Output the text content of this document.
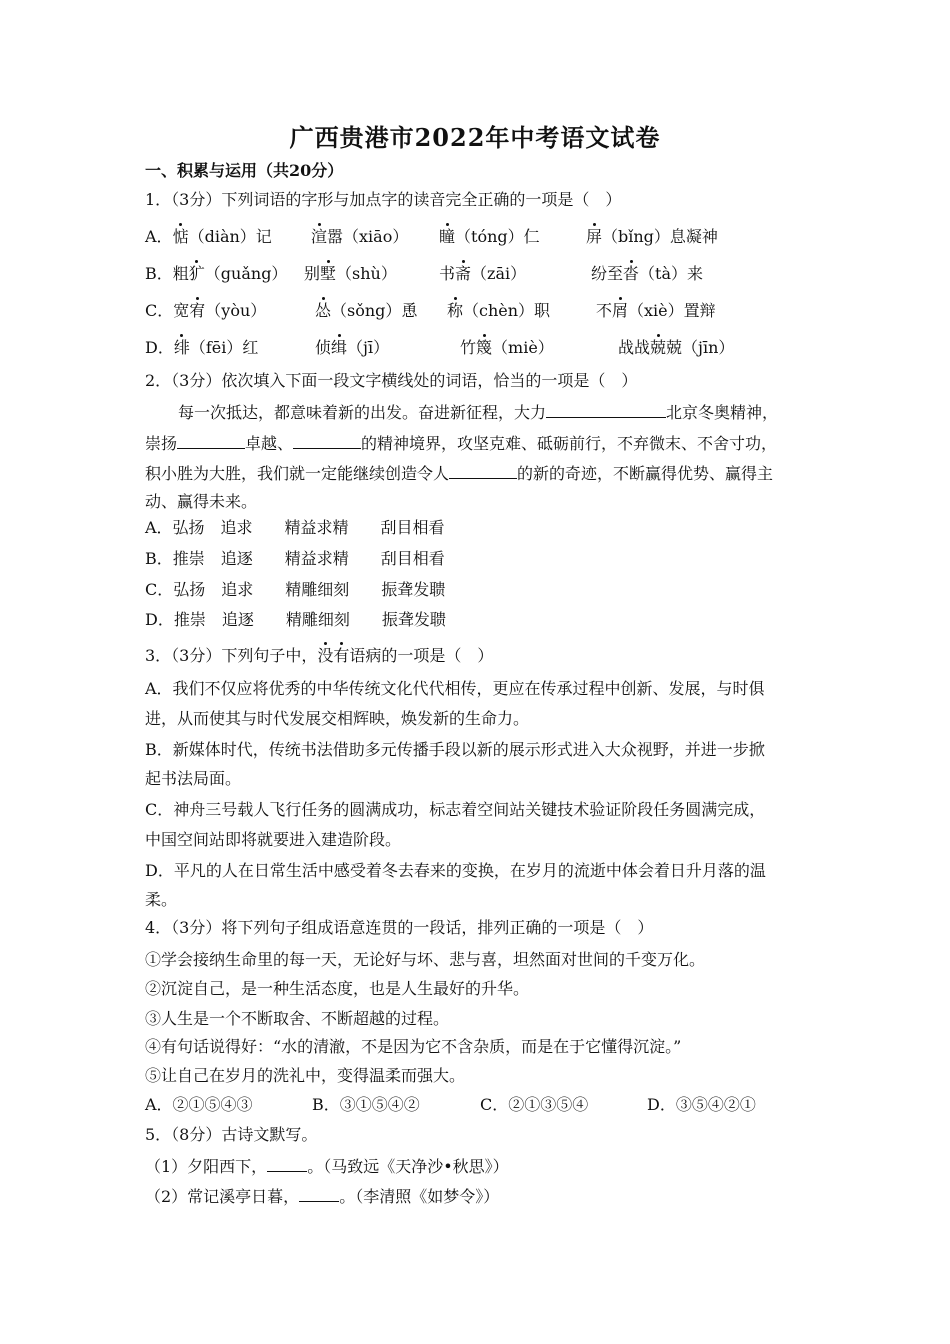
广西贵港市2022年中考语文试卷
一、积累与运用（共20分）
1．（3分）下列词语的字形与加点字的读音完全正确的一项是（　）
A．惦（diàn）记 渲嚣（xiāo） 瞳（tóng）仁	屏（bǐng）息凝神
B．粗犷（guǎng） 别墅（shù）	书斋（zāi）	纷至沓（tà）来
C．宽宥（yòu）	怂（sǒng）恿 称（chèn）职	不屑（xiè）置辩
D．绯（fēi）红	侦缉（jī）	竹篾（miè）	战战兢兢（jīn）
2．（3分）依次填入下面一段文字横线处的词语，恰当的一项是（　）
每一次抵达，都意味着新的出发。奋进新征程，大力	北京冬奥精神，
崇扬	卓越、	的精神境界，攻坚克难、砥砺前行，不弃微末、不舍寸功，
积小胜为大胜，我们就一定能继续创造令人	的新的奇迹，不断赢得优势、赢得主
动、赢得未来。
A．弘扬　追求　　精益求精　　刮目相看
B．推崇　追逐　　精益求精　　刮目相看
C．弘扬　追求　　精雕细刻　　振聋发聩
D．推崇　追逐　　精雕细刻　　振聋发聩
3．（3分）下列句子中，没有语病的一项是（　）
A．我们不仅应将优秀的中华传统文化代代相传，更应在传承过程中创新、发展，与时俱
进，从而使其与时代发展交相辉映，焕发新的生命力。
B．新媒体时代，传统书法借助多元传播手段以新的展示形式进入大众视野，并进一步掀
起书法局面。
C．神舟三号载人飞行任务的圆满成功，标志着空间站关键技术验证阶段任务圆满完成，
中国空间站即将就要进入建造阶段。
D．平凡的人在日常生活中感受着冬去春来的变换，在岁月的流逝中体会着日升月落的温
柔。
4．（3分）将下列句子组成语意连贯的一段话，排列正确的一项是（　）
①学会接纳生命里的每一天，无论好与坏、悲与喜，坦然面对世间的千变万化。
②沉淀自己，是一种生活态度，也是人生最好的升华。
③人生是一个不断取舍、不断超越的过程。
④有句话说得好：“水的清澈，不是因为它不含杂质，而是在于它懂得沉淀。”
⑤让自己在岁月的洗礼中，变得温柔而强大。
A．②①⑤④③	B．③①⑤④②	C．②①③⑤④	D．③⑤④②①
5．（8分）古诗文默写。
（1）夕阳西下，	。（马致远《天净沙•秋思》）
（2）常记溪亭日暮，	。（李清照《如梦令》）
